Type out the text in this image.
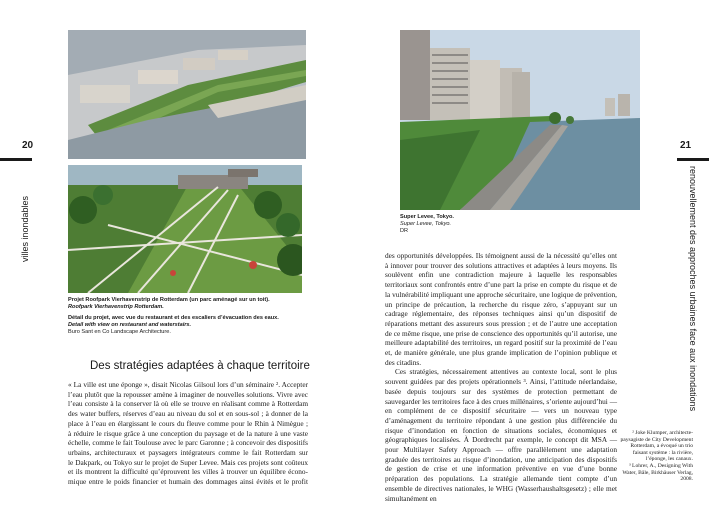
20
villes inondables
Projet Roofpark Vierhavenstrip de Rotterdam (un parc aménagé sur un toit).
Roofpark Vierhavenstrip Rotterdam.
Détail du projet, avec vue du restaurant et des escaliers d’évacuation des eaux.
Detail with view on restaurant and waterstairs.
Buro Sant en Co Landscape Architecture.
Des stratégies adaptées à chaque territoire
« La ville est une éponge », disait Nicolas Gilsoul lors d’un séminaire ². Accepter
l’eau plutôt que la repousser amène à imaginer de nouvelles solutions. Vivre avec
l’eau consiste à la conserver là où elle se trouve en réalisant comme à Rotterdam
des water buffers, réserves d’eau au niveau du sol et en sous-sol ; à donner de la
place à l’eau en élargissant le cours du fleuve comme pour le Rhin à Nimègue ;
à réduire le risque grâce à une conception du paysage et de la nature à une vaste
échelle, comme le fait Toulouse avec le parc Garonne ; à concevoir des dispositifs
urbains, architecturaux et paysagers intégrateurs comme le fait Rotterdam sur
le Dakpark, ou Tokyo sur le projet de Super Levee. Mais ces projets sont coûteux
et ils montrent la difficulté qu’éprouvent les villes à trouver un équilibre écono-
mique entre le poids financier et humain des dommages ainsi évités et le profit
21
renouvellement des approches urbaines face aux inondations
Super Levee, Tokyo.
Super Levee, Tokyo.
DR

des opportunités développées. Ils témoignent aussi de la nécessité qu’elles ont à innover pour trouver des solutions attractives et adaptées à leurs moyens. Ils soulèvent enfin une contradiction majeure à laquelle les responsables territoriaux sont confrontés entre d’une part la prise en compte du risque et de la vulnérabilité impliquant une approche sécuritaire, une logique de prévention, un principe de précaution, la recherche du risque zéro, s’appuyant sur un cadrage réglementaire, des réponses techniques ainsi qu’un dispositif de réparations mettant des assureurs sous pression ; et de l’autre une acceptation de ce même risque, une prise de conscience des opportunités qu’il autorise, une meilleure adaptabilité des territoires, un regard positif sur la proximité de l’eau et, de manière générale, une plus grande implication de l’opinion publique et des citadins.

Ces stratégies, nécessairement attentives au contexte local, sont le plus souvent guidées par des projets opérationnels ³. Ainsi, l’attitude néerlandaise, basée depuis toujours sur des systèmes de protection permettant de sauvegarder les territoires face à des crues millénaires, s’oriente aujourd’hui — en complément de ce dispositif sécuritaire — vers un nouveau type d’aménagement du territoire répondant à une gestion plus différenciée du risque d’inondation en fonction de situations sociales, économiques et géographiques localisées. À Dordrecht par exemple, le concept dit MSA — pour Multilayer Safety Approach — offre parallèlement une adaptation graduée des territoires au risque d’inondation, une anticipation des dispositifs de gestion de crise et une information préventive en vue d’une bonne préparation des populations. La stratégie allemande tient compte d’un ensemble de directives nationales, le WHG (Wasserhaushaltsgesetz) ; elle met simultanément en

² Joke Klumper, architecte-
paysagiste de City Development
Rotterdam, a évoqué un trio
faisant système : la rivière,
l’éponge, les canaux.
³ Lohrer, A., Designing With
Water, Bâle, Birkhäuser Verlag,
2008.
